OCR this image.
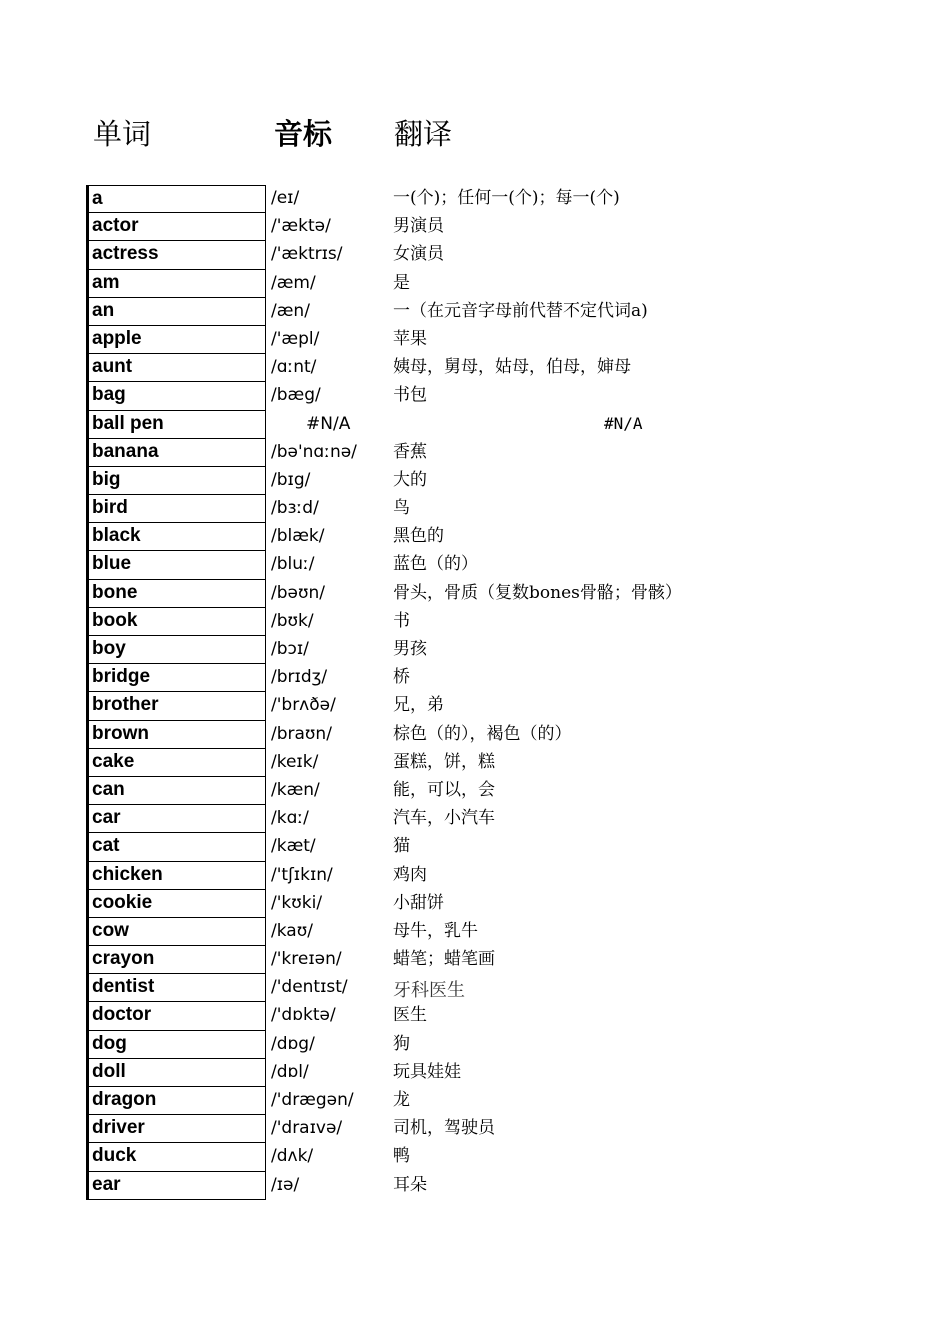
单词	音标 翻译
a	/eɪ/	一(个)；任何一(个)；每一(个)
actor	/'æktə/	男演员
actress	/'æktrɪs/	女演员
am	/æm/	是
an	/æn/	一（在元音字母前代替不定代词a)
apple	/'æpl/	苹果
aunt	/ɑːnt/	姨母，舅母，姑母，伯母，婶母
bag	/bæg/	书包
ball pen	#N/A	#N/A
banana	/bə'nɑːnə/ 香蕉
big	/bɪg/	大的
bird	/bɜːd/	鸟
black	/blæk/	黑色的
blue	/bluː/	蓝色（的）
bone	/bəʊn/	骨头，骨质（复数bones骨骼；骨骸）
book	/bʊk/	书
boy	/bɔɪ/	男孩
bridge	/brɪdʒ/	桥
brother	/'brʌðə/	兄，弟
brown	/braʊn/	棕色（的），褐色（的）
cake	/keɪk/	蛋糕，饼，糕
can	/kæn/	能，可以，会
car	/kɑː/	汽车，小汽车
cat	/kæt/	猫
chicken	/'tʃɪkɪn/	鸡肉
cookie	/'kʊki/	小甜饼
cow	/kaʊ/	母牛，乳牛
crayon	/'kreɪən/	蜡笔；蜡笔画
dentist	/'dentɪst/	牙科医生
doctor	/'dɒktə/	医生
dog	/dɒg/	狗
doll	/dɒl/	玩具娃娃
dragon	/'drægən/ 龙
driver	/'draɪvə/	司机，驾驶员
duck	/dʌk/	鸭
ear	/ɪə/	耳朵
